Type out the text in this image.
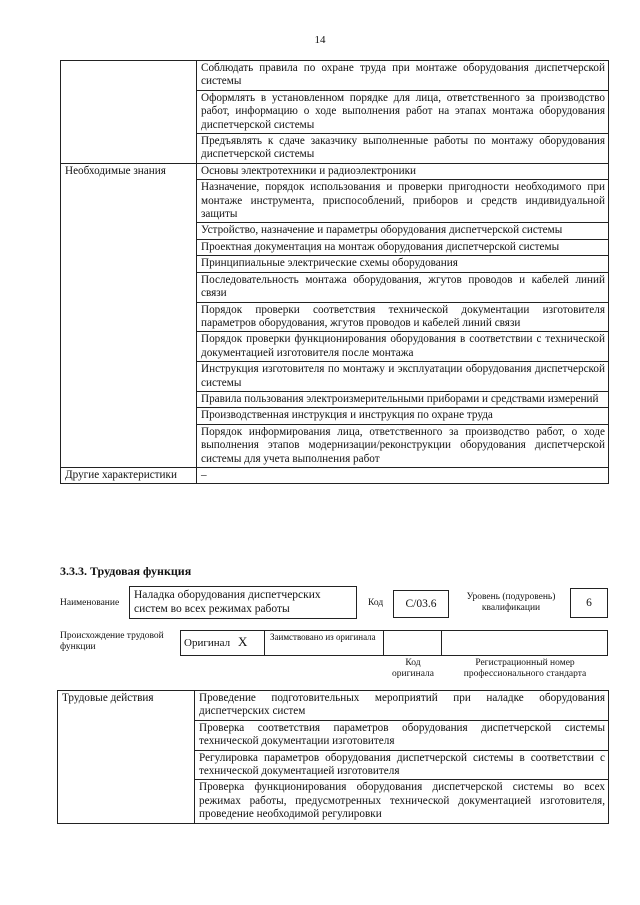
14
	Соблюдать правила по охране труда при монтаже оборудования диспетчерской системы
	Оформлять в установленном порядке для лица, ответственного за производство работ, информацию о ходе выполнения работ на этапах монтажа оборудования диспетчерской системы
	Предъявлять к сдаче заказчику выполненные работы по монтажу оборудования диспетчерской системы
Необходимые знания	Основы электротехники и радиоэлектроники
	Назначение, порядок использования и проверки пригодности необходимого при монтаже инструмента, приспособлений, приборов и средств индивидуальной защиты
	Устройство, назначение и параметры оборудования диспетчерской системы
	Проектная документация на монтаж оборудования диспетчерской системы
	Принципиальные электрические схемы оборудования
	Последовательность монтажа оборудования, жгутов проводов и кабелей линий связи
	Порядок проверки соответствия технической документации изготовителя параметров оборудования, жгутов проводов и кабелей линий связи
	Порядок проверки функционирования оборудования в соответствии с технической документацией изготовителя после монтажа
	Инструкция изготовителя по монтажу и эксплуатации оборудования диспетчерской системы
	Правила пользования электроизмерительными приборами и средствами измерений
	Производственная инструкция и инструкция по охране труда
	Порядок информирования лица, ответственного за производство работ, о ходе выполнения этапов модернизации/реконструкции оборудования диспетчерской системы для учета выполнения работ
Другие характеристики	–
3.3.3. Трудовая функция
Наименование
Наладка оборудования диспетчерских систем во всех режимах работы	Код	C/03.6
Уровень (подуровень) квалификации	6
Происхождение трудовой функции	Оригинал X	Заимствовано из оригинала
Код оригинала
Регистрационный номер профессионального стандарта
Трудовые действия	Проведение подготовительных мероприятий при наладке оборудования диспетчерских систем
Проверка соответствия параметров оборудования диспетчерской системы технической документации изготовителя
Регулировка параметров оборудования диспетчерской системы в соответствии с технической документацией изготовителя
Проверка функционирования оборудования диспетчерской системы во всех режимах работы, предусмотренных технической документацией изготовителя, проведение необходимой регулировки
